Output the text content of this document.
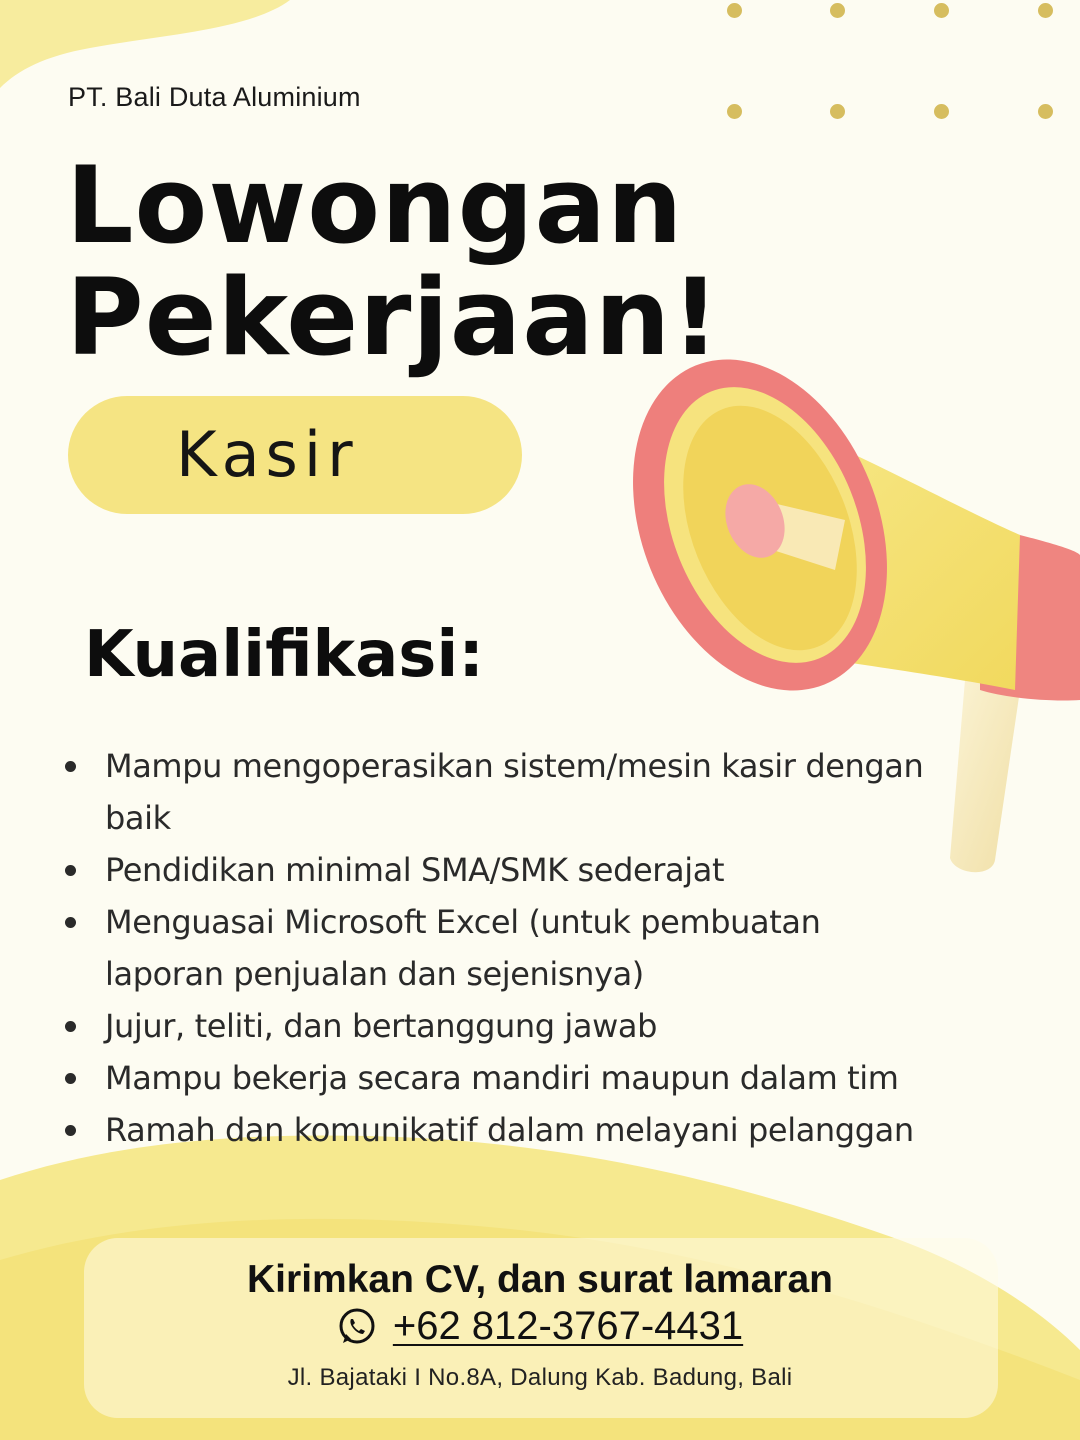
PT. Bali Duta Aluminium
Lowongan
Pekerjaan!
Kasir
Kualifikasi:
Mampu mengoperasikan sistem/mesin kasir dengan baik
Pendidikan minimal SMA/SMK sederajat
Menguasai Microsoft Excel (untuk pembuatan laporan penjualan dan sejenisnya)
Jujur, teliti, dan bertanggung jawab
Mampu bekerja secara mandiri maupun dalam tim
Ramah dan komunikatif dalam melayani pelanggan
Kirimkan CV, dan surat lamaran
+62 812-3767-4431
Jl. Bajataki I No.8A, Dalung Kab. Badung, Bali
